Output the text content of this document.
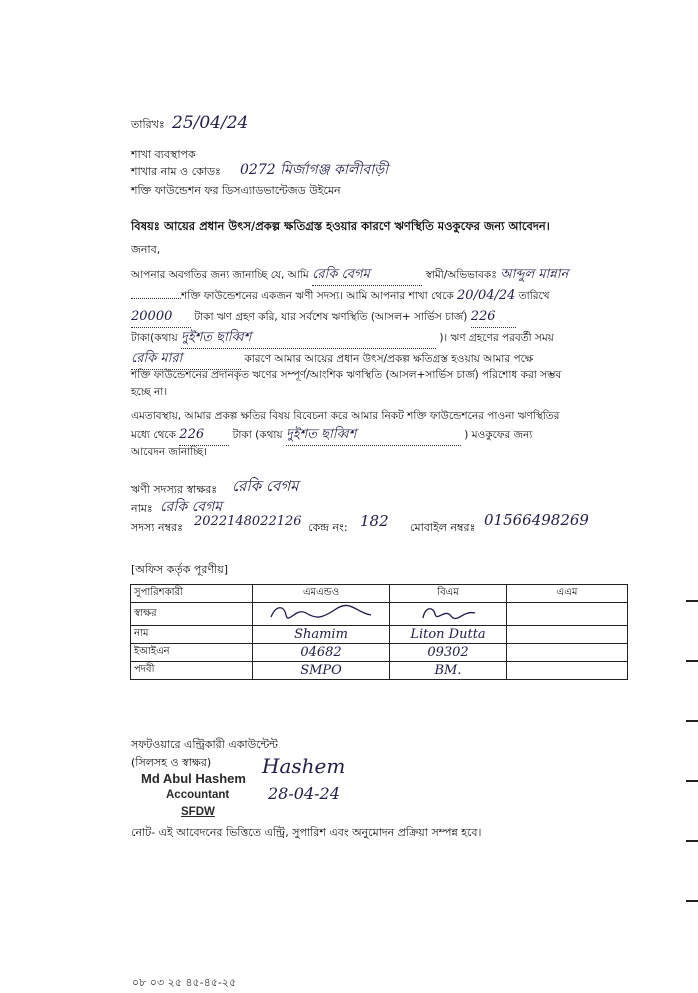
তারিখঃ 25/04/24
শাখা ব্যবস্থাপক
শাখার নাম ও কোডঃ 0272 মির্জাগঞ্জ কালীবাড়ী
শক্তি ফাউন্ডেশন ফর ডিসএ্যাডভান্টেজড উইমেন
বিষয়ঃ আয়ের প্রধান উৎস/প্রকল্প ক্ষতিগ্রস্ত হওয়ার কারণে ঋণস্থিতি মওকুফের জন্য আবেদন।
জনাব,
আপনার অবগতির জন্য জানাচ্ছি যে, আমি রেকি বেগম	স্বামী/অভিভাবকঃ আব্দুল মান্নান
শক্তি ফাউন্ডেশনের একজন ঋণী সদস্য। আমি আপনার শাখা থেকে 20/04/24 তারিখে
20000 টাকা ঋণ গ্রহণ করি, যার সর্বশেষ ঋণস্থিতি (আসল+ সার্ভিস চার্জ) 226
টাকা(কথায় দুইশত ছাব্বিশ	)। ঋণ গ্রহণের পরবর্তী সময়
রেকি মারা	কারণে আমার আয়ের প্রধান উৎস/প্রকল্প ক্ষতিগ্রস্ত হওয়ায় আমার পক্ষে
শক্তি ফাউন্ডেশনের প্রদানকৃত ঋণের সম্পূর্ণ/আংশিক ঋণস্থিতি (আসল+সার্ভিস চার্জ) পরিশোধ করা সম্ভব
হচ্ছে না।
এমতাবস্থায়, আমার প্রকল্প ক্ষতির বিষয় বিবেচনা করে আমার নিকট শক্তি ফাউন্ডেশনের পাওনা ঋণস্থিতির
মধ্যে থেকে 226	টাকা (কথায় দুইশত ছাব্বিশ	) মওকুফের জন্য
আবেদন জানাচ্ছি।
ঋণী সদস্যর স্বাক্ষরঃ রেকি বেগম
নামঃ রেকি বেগম
সদস্য নম্বরঃ 2022148022126 কেন্দ্র নং: 182 মোবাইল নম্বরঃ 01566498269
[অফিস কর্তৃক পূরণীয়]
সুপারিশকারী	এমএন্ডও	বিএম	এএম
স্বাক্ষর			
নাম	Shamim	Liton Dutta	
ইআইএন	04682	09302	
পদবী	SMPO	BM.	
সফটওয়ারে এন্ট্রিকারী একাউন্টেন্ট
(সিলসহ ও স্বাক্ষর)
Md Abul Hashem
Accountant
SFDW
Hashem
28-04-24
নোট- এই আবেদনের ভিত্তিতে এন্ট্রি, সুপারিশ এবং অনুমোদন প্রক্রিয়া সম্পন্ন হবে।
০৮ ০৩ ২৫ ৪৫-৪৫-২৫
